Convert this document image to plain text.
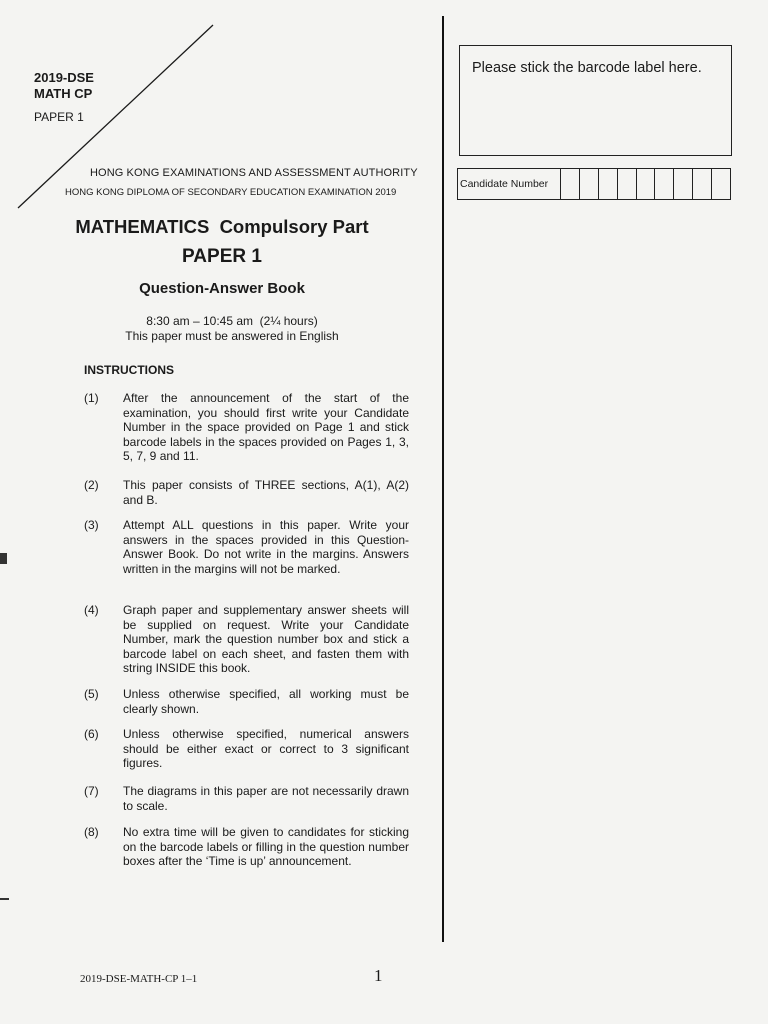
2019-DSE
MATH CP
PAPER 1
HONG KONG EXAMINATIONS AND ASSESSMENT AUTHORITY
HONG KONG DIPLOMA OF SECONDARY EDUCATION EXAMINATION 2019
MATHEMATICS  Compulsory Part
PAPER 1
Question-Answer Book
8:30 am – 10:45 am  (2¼ hours)
This paper must be answered in English
INSTRUCTIONS
(1) After the announcement of the start of the examination, you should first write your Candidate Number in the space provided on Page 1 and stick barcode labels in the spaces provided on Pages 1, 3, 5, 7, 9 and 11.
(2) This paper consists of THREE sections, A(1), A(2) and B.
(3) Attempt ALL questions in this paper. Write your answers in the spaces provided in this Question-Answer Book. Do not write in the margins. Answers written in the margins will not be marked.
(4) Graph paper and supplementary answer sheets will be supplied on request. Write your Candidate Number, mark the question number box and stick a barcode label on each sheet, and fasten them with string INSIDE this book.
(5) Unless otherwise specified, all working must be clearly shown.
(6) Unless otherwise specified, numerical answers should be either exact or correct to 3 significant figures.
(7) The diagrams in this paper are not necessarily drawn to scale.
(8) No extra time will be given to candidates for sticking on the barcode labels or filling in the question number boxes after the ‘Time is up’ announcement.
Please stick the barcode label here.
Candidate Number
2019-DSE-MATH-CP 1–1	1
